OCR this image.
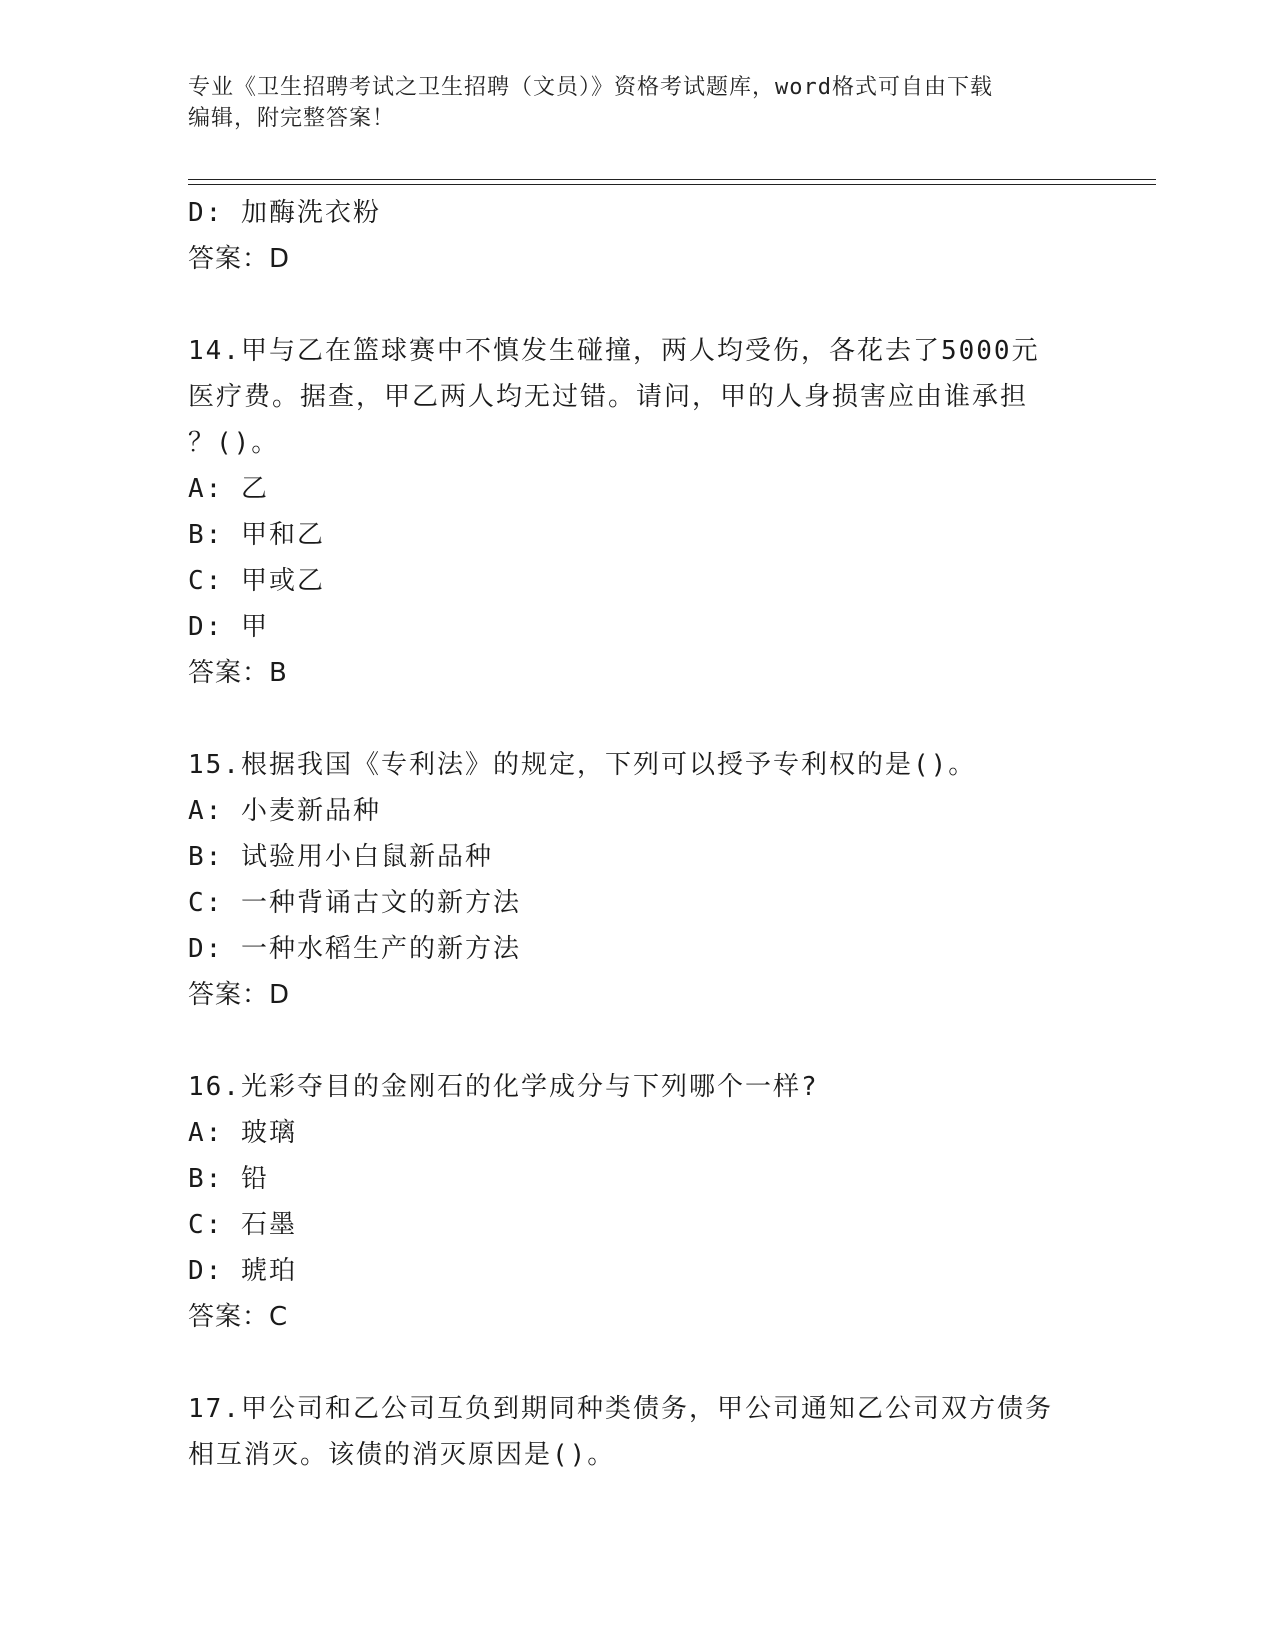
专业《卫生招聘考试之卫生招聘（文员）》资格考试题库，word格式可自由下载
编辑，附完整答案！
D: 加酶洗衣粉
答案：D
14.甲与乙在篮球赛中不慎发生碰撞，两人均受伤，各花去了5000元
医疗费。据查，甲乙两人均无过错。请问，甲的人身损害应由谁承担
？()。
A: 乙
B: 甲和乙
C: 甲或乙
D: 甲
答案：B
15.根据我国《专利法》的规定，下列可以授予专利权的是()。
A: 小麦新品种
B: 试验用小白鼠新品种
C: 一种背诵古文的新方法
D: 一种水稻生产的新方法
答案：D
16.光彩夺目的金刚石的化学成分与下列哪个一样?
A: 玻璃
B: 铅
C: 石墨
D: 琥珀
答案：C
17.甲公司和乙公司互负到期同种类债务，甲公司通知乙公司双方债务
相互消灭。该债的消灭原因是()。
